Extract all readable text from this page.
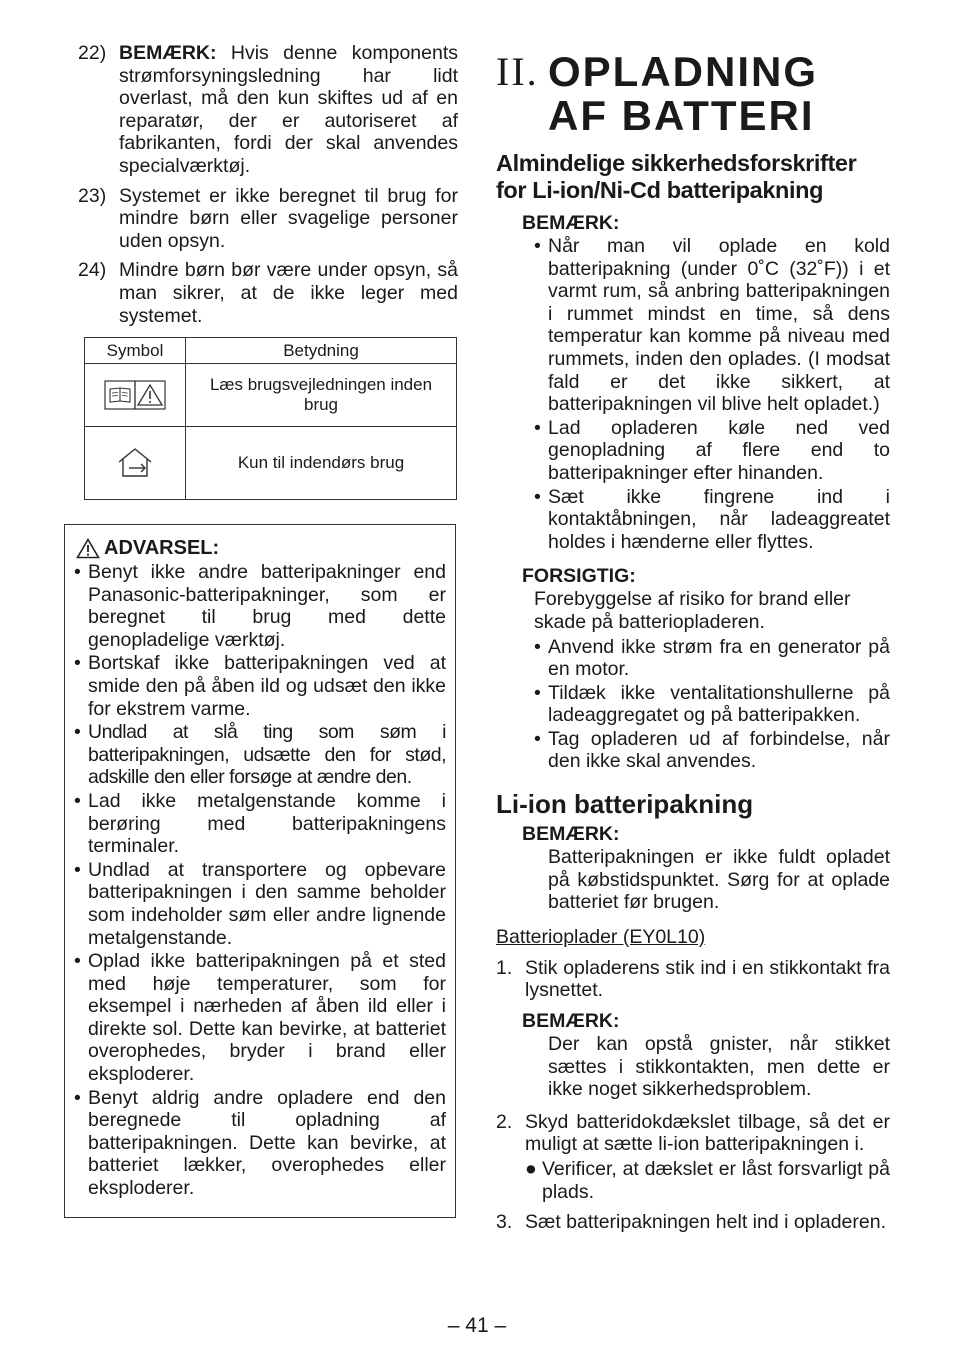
22) BEMÆRK: Hvis denne komponents strømforsyningsledning har lidt overlast, må den kun skiftes ud af en reparatør, der er autoriseret af fabrikanten, fordi der skal anvendes specialværktøj.
23) Systemet er ikke beregnet til brug for mindre børn eller svagelige personer uden opsyn.
24) Mindre børn bør være under opsyn, så man sikrer, at de ikke leger med systemet.
Symbol	Betydning

	Læs brugsvejledningen inden brug

	Kun til indendørs brug
ADVARSEL:
• Benyt ikke andre batteripakninger end Panasonic-batteripakninger, som er beregnet til brug med dette genopladelige værktøj.
• Bortskaf ikke batteripakningen ved at smide den på åben ild og udsæt den ikke for ekstrem varme.
• Undlad at slå ting som søm i batteripakningen, udsætte den for stød, adskille den eller forsøge at ændre den.
• Lad ikke metalgenstande komme i berøring med batteripakningens terminaler.
• Undlad at transportere og opbevare batteripakningen i den samme beholder som indeholder søm eller andre lignende metalgenstande.
• Oplad ikke batteripakningen på et sted med høje temperaturer, som for eksempel i nærheden af åben ild eller i direkte sol. Dette kan bevirke, at batteriet overophedes, bryder i brand eller eksploderer.
• Benyt aldrig andre opladere end den beregnede til opladning af batteripakningen. Dette kan bevirke, at batteriet lækker, overophedes eller eksploderer.
II. OPLADNING AF BATTERI
Almindelige sikkerhedsforskrifter for Li-ion/Ni-Cd batteripakning
BEMÆRK:
• Når man vil oplade en kold batteripakning (under 0˚C (32˚F)) i et varmt rum, så anbring batteripakningen i rummet mindst en time, så dens temperatur kan komme på niveau med rummets, inden den oplades. (I modsat fald er det ikke sikkert, at batteripakningen vil blive helt opladet.)
• Lad opladeren køle ned ved genopladning af flere end to batteripakninger efter hinanden.
• Sæt ikke fingrene ind i kontaktåbningen, når ladeaggreatet holdes i hænderne eller flyttes.
FORSIGTIG:

Forebyggelse af risiko for brand eller skade på batteriopladeren.

• Anvend ikke strøm fra en generator på en motor.
• Tildæk ikke ventalitationshullerne på ladeaggregatet og på batteripakken.
• Tag opladeren ud af forbindelse, når den ikke skal anvendes.
Li-ion batteripakning
BEMÆRK:

Batteripakningen er ikke fuldt opladet på købstidspunktet. Sørg for at oplade batteriet før brugen.

Batterioplader (EY0L10)
1. Stik opladerens stik ind i en stikkontakt fra lysnettet.
BEMÆRK:

Der kan opstå gnister, når stikket sættes i stikkontakten, men dette er ikke noget sikkerhedsproblem.

2. Skyd batteridokdækslet tilbage, så det er muligt at sætte li-ion batteripakningen i.
● Verificer, at dækslet er låst forsvarligt på plads.
3. Sæt batteripakningen helt ind i opladeren.
– 41 –
